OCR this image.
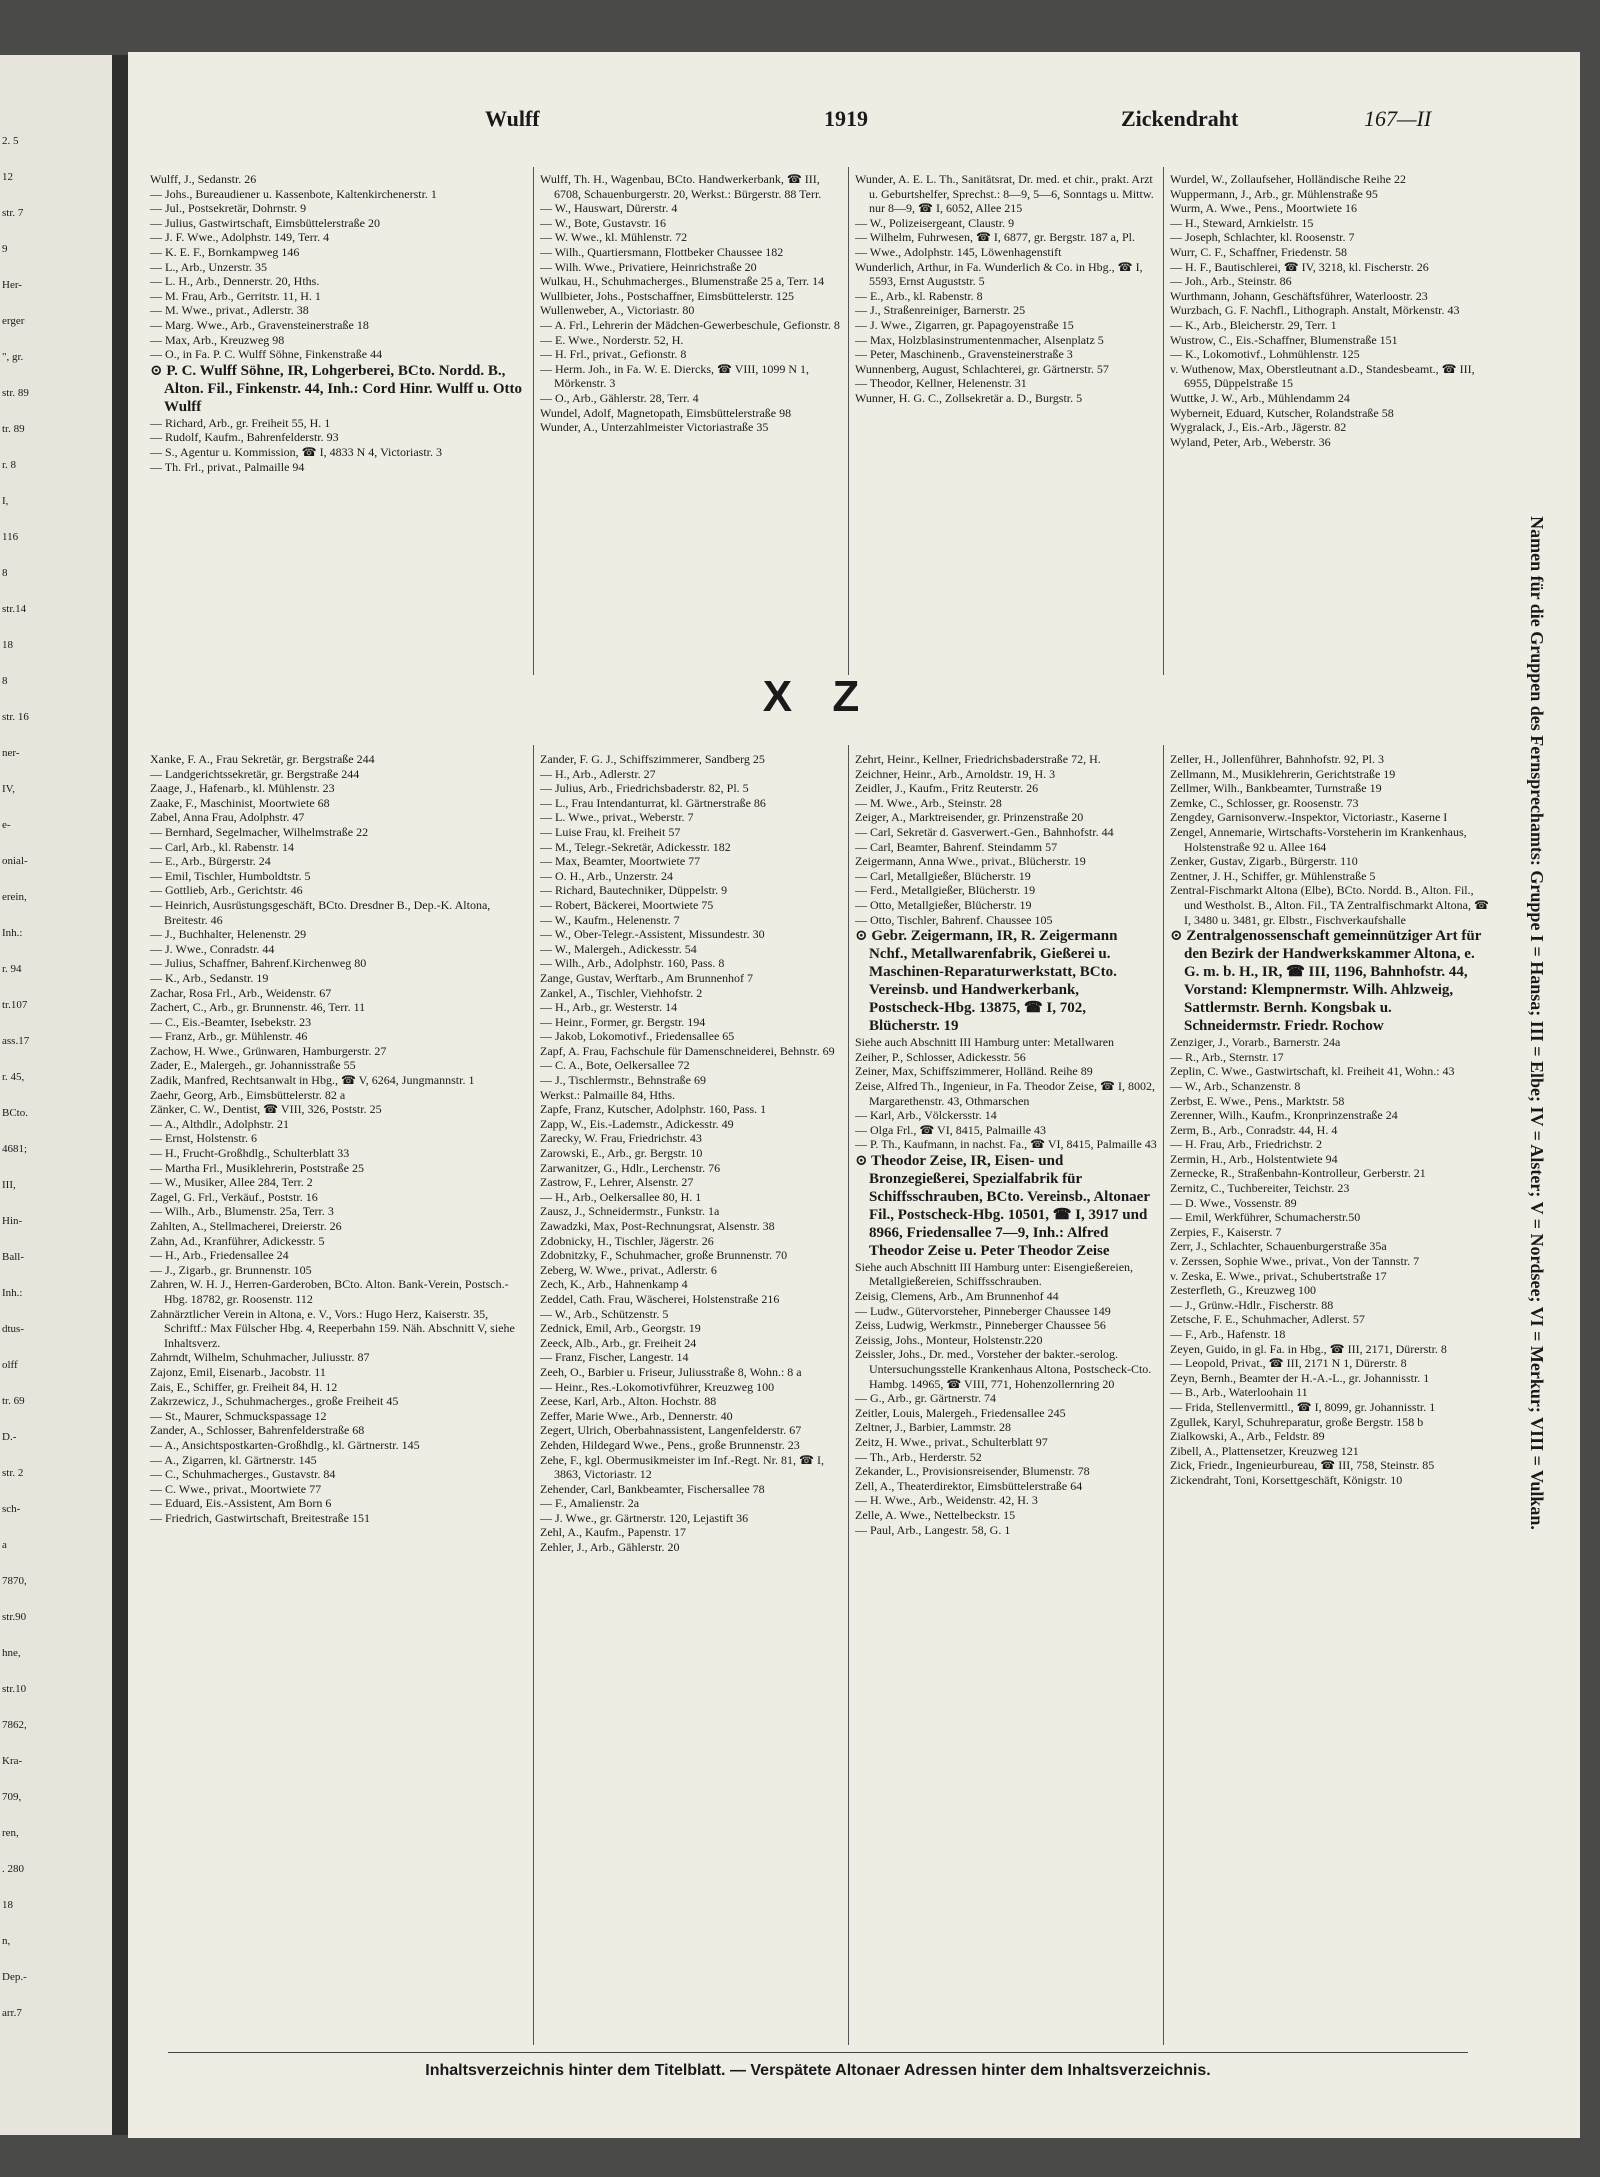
2. 5
12
str. 7
9
Her-
erger
", gr.
str. 89
tr. 89
r. 8
I,
116
8
str.14
18
8
str. 16
ner-
IV,
e-
onial-
erein,
Inh.:
r. 94
tr.107
ass.17
r. 45,
BCto.
4681;
III,
Hin-
Ball-
Inh.:
dtus-
olff
tr. 69
D.-
str. 2
sch-
a
7870,
str.90
hne,
str.10
7862,
Kra-
709,
ren,
. 280
18
n,
Dep.-
arr.7
Wulff	1919	Zickendraht	167—II

Wulff, J., Sedanstr. 26

— Johs., Bureaudiener u. Kassenbote, Kaltenkirchenerstr. 1

— Jul., Postsekretär, Dohrnstr. 9

— Julius, Gastwirtschaft, Eimsbüttelerstraße 20

— J. F. Wwe., Adolphstr. 149, Terr. 4

— K. E. F., Bornkampweg 146

— L., Arb., Unzerstr. 35

— L. H., Arb., Dennerstr. 20, Hths.

— M. Frau, Arb., Gerritstr. 11, H. 1

— M. Wwe., privat., Adlerstr. 38

— Marg. Wwe., Arb., Gravensteinerstraße 18

— Max, Arb., Kreuzweg 98

— O., in Fa. P. C. Wulff Söhne, Finkenstraße 44

⊙ P. C. Wulff Söhne, IR, Lohgerberei, BCto. Nordd. B., Alton. Fil., Finkenstr. 44, Inh.: Cord Hinr. Wulff u. Otto Wulff

— Richard, Arb., gr. Freiheit 55, H. 1

— Rudolf, Kaufm., Bahrenfelderstr. 93

— S., Agentur u. Kommission, ☎ I, 4833 N 4, Victoriastr. 3

— Th. Frl., privat., Palmaille 94

Wulff, Th. H., Wagenbau, BCto. Handwerkerbank, ☎ III, 6708, Schauenburgerstr. 20, Werkst.: Bürgerstr. 88 Terr.

— W., Hauswart, Dürerstr. 4

— W., Bote, Gustavstr. 16

— W. Wwe., kl. Mühlenstr. 72

— Wilh., Quartiersmann, Flottbeker Chaussee 182

— Wilh. Wwe., Privatiere, Heinrichstraße 20

Wulkau, H., Schuhmacherges., Blumenstraße 25 a, Terr. 14

Wullbieter, Johs., Postschaffner, Eimsbüttelerstr. 125

Wullenweber, A., Victoriastr. 80

— A. Frl., Lehrerin der Mädchen-Gewerbeschule, Gefionstr. 8

— E. Wwe., Norderstr. 52, H.

— H. Frl., privat., Gefionstr. 8

— Herm. Joh., in Fa. W. E. Diercks, ☎ VIII, 1099 N 1, Mörkenstr. 3

— O., Arb., Gählerstr. 28, Terr. 4

Wundel, Adolf, Magnetopath, Eimsbüttelerstraße 98

Wunder, A., Unterzahlmeister Victoriastraße 35

Wunder, A. E. L. Th., Sanitätsrat, Dr. med. et chir., prakt. Arzt u. Geburtshelfer, Sprechst.: 8—9, 5—6, Sonntags u. Mittw. nur 8—9, ☎ I, 6052, Allee 215

— W., Polizeisergeant, Claustr. 9

— Wilhelm, Fuhrwesen, ☎ I, 6877, gr. Bergstr. 187 a, Pl.

— Wwe., Adolphstr. 145, Löwenhagenstift

Wunderlich, Arthur, in Fa. Wunderlich & Co. in Hbg., ☎ I, 5593, Ernst Auguststr. 5

— E., Arb., kl. Rabenstr. 8

— J., Straßenreiniger, Barnerstr. 25

— J. Wwe., Zigarren, gr. Papagoyenstraße 15

— Max, Holzblasinstrumentenmacher, Alsenplatz 5

— Peter, Maschinenb., Gravensteinerstraße 3

Wunnenberg, August, Schlachterei, gr. Gärtnerstr. 57

— Theodor, Kellner, Helenenstr. 31

Wunner, H. G. C., Zollsekretär a. D., Burgstr. 5

Wurdel, W., Zollaufseher, Holländische Reihe 22

Wuppermann, J., Arb., gr. Mühlenstraße 95

Wurm, A. Wwe., Pens., Moortwiete 16

— H., Steward, Arnkielstr. 15

— Joseph, Schlachter, kl. Roosenstr. 7

Wurr, C. F., Schaffner, Friedenstr. 58

— H. F., Bautischlerei, ☎ IV, 3218, kl. Fischerstr. 26

— Joh., Arb., Steinstr. 86

Wurthmann, Johann, Geschäftsführer, Waterloostr. 23

Wurzbach, G. F. Nachfl., Lithograph. Anstalt, Mörkenstr. 43

— K., Arb., Bleicherstr. 29, Terr. 1

Wustrow, C., Eis.-Schaffner, Blumenstraße 151

— K., Lokomotivf., Lohmühlenstr. 125

v. Wuthenow, Max, Oberstleutnant a.D., Standesbeamt., ☎ III, 6955, Düppelstraße 15

Wuttke, J. W., Arb., Mühlendamm 24

Wyberneit, Eduard, Kutscher, Rolandstraße 58

Wygralack, J., Eis.-Arb., Jägerstr. 82

Wyland, Peter, Arb., Weberstr. 36

X Z

Xanke, F. A., Frau Sekretär, gr. Bergstraße 244

— Landgerichtssekretär, gr. Bergstraße 244

Zaage, J., Hafenarb., kl. Mühlenstr. 23

Zaake, F., Maschinist, Moortwiete 68

Zabel, Anna Frau, Adolphstr. 47

— Bernhard, Segelmacher, Wilhelmstraße 22

— Carl, Arb., kl. Rabenstr. 14

— E., Arb., Bürgerstr. 24

— Emil, Tischler, Humboldtstr. 5

— Gottlieb, Arb., Gerichtstr. 46

— Heinrich, Ausrüstungsgeschäft, BCto. Dresdner B., Dep.-K. Altona, Breitestr. 46

— J., Buchhalter, Helenenstr. 29

— J. Wwe., Conradstr. 44

— Julius, Schaffner, Bahrenf.Kirchenweg 80

— K., Arb., Sedanstr. 19

Zachar, Rosa Frl., Arb., Weidenstr. 67

Zachert, C., Arb., gr. Brunnenstr. 46, Terr. 11

— C., Eis.-Beamter, Isebekstr. 23

— Franz, Arb., gr. Mühlenstr. 46

Zachow, H. Wwe., Grünwaren, Hamburgerstr. 27

Zader, E., Malergeh., gr. Johannisstraße 55

Zadik, Manfred, Rechtsanwalt in Hbg., ☎ V, 6264, Jungmannstr. 1

Zaehr, Georg, Arb., Eimsbüttelerstr. 82 a

Zänker, C. W., Dentist, ☎ VIII, 326, Poststr. 25

— A., Althdlr., Adolphstr. 21

— Ernst, Holstenstr. 6

— H., Frucht-Großhdlg., Schulterblatt 33

— Martha Frl., Musiklehrerin, Poststraße 25

— W., Musiker, Allee 284, Terr. 2

Zagel, G. Frl., Verkäuf., Poststr. 16

— Wilh., Arb., Blumenstr. 25a, Terr. 3

Zahlten, A., Stellmacherei, Dreierstr. 26

Zahn, Ad., Kranführer, Adickesstr. 5

— H., Arb., Friedensallee 24

— J., Zigarb., gr. Brunnenstr. 105

Zahren, W. H. J., Herren-Garderoben, BCto. Alton. Bank-Verein, Postsch.-Hbg. 18782, gr. Roosenstr. 112

Zahnärztlicher Verein in Altona, e. V., Vors.: Hugo Herz, Kaiserstr. 35, Schriftf.: Max Fülscher Hbg. 4, Reeperbahn 159. Näh. Abschnitt V, siehe Inhaltsverz.

Zahrndt, Wilhelm, Schuhmacher, Juliusstr. 87

Zajonz, Emil, Eisenarb., Jacobstr. 11

Zais, E., Schiffer, gr. Freiheit 84, H. 12

Zakrzewicz, J., Schuhmacherges., große Freiheit 45

— St., Maurer, Schmuckspassage 12

Zander, A., Schlosser, Bahrenfelderstraße 68

— A., Ansichtspostkarten-Großhdlg., kl. Gärtnerstr. 145

— A., Zigarren, kl. Gärtnerstr. 145

— C., Schuhmacherges., Gustavstr. 84

— C. Wwe., privat., Moortwiete 77

— Eduard, Eis.-Assistent, Am Born 6

— Friedrich, Gastwirtschaft, Breitestraße 151

Zander, F. G. J., Schiffszimmerer, Sandberg 25

— H., Arb., Adlerstr. 27

— Julius, Arb., Friedrichsbaderstr. 82, Pl. 5

— L., Frau Intendanturrat, kl. Gärtnerstraße 86

— L. Wwe., privat., Weberstr. 7

— Luise Frau, kl. Freiheit 57

— M., Telegr.-Sekretär, Adickesstr. 182

— Max, Beamter, Moortwiete 77

— O. H., Arb., Unzerstr. 24

— Richard, Bautechniker, Düppelstr. 9

— Robert, Bäckerei, Moortwiete 75

— W., Kaufm., Helenenstr. 7

— W., Ober-Telegr.-Assistent, Missundestr. 30

— W., Malergeh., Adickesstr. 54

— Wilh., Arb., Adolphstr. 160, Pass. 8

Zange, Gustav, Werftarb., Am Brunnenhof 7

Zankel, A., Tischler, Viehhofstr. 2

— H., Arb., gr. Westerstr. 14

— Heinr., Former, gr. Bergstr. 194

— Jakob, Lokomotivf., Friedensallee 65

Zapf, A. Frau, Fachschule für Damenschneiderei, Behnstr. 69

— C. A., Bote, Oelkersallee 72

— J., Tischlermstr., Behnstraße 69

Werkst.: Palmaille 84, Hths.

Zapfe, Franz, Kutscher, Adolphstr. 160, Pass. 1

Zapp, W., Eis.-Lademstr., Adickesstr. 49

Zarecky, W. Frau, Friedrichstr. 43

Zarowski, E., Arb., gr. Bergstr. 10

Zarwanitzer, G., Hdlr., Lerchenstr. 76

Zastrow, F., Lehrer, Alsenstr. 27

— H., Arb., Oelkersallee 80, H. 1

Zausz, J., Schneidermstr., Funkstr. 1a

Zawadzki, Max, Post-Rechnungsrat, Alsenstr. 38

Zdobnicky, H., Tischler, Jägerstr. 26

Zdobnitzky, F., Schuhmacher, große Brunnenstr. 70

Zeberg, W. Wwe., privat., Adlerstr. 6

Zech, K., Arb., Hahnenkamp 4

Zeddel, Cath. Frau, Wäscherei, Holstenstraße 216

— W., Arb., Schützenstr. 5

Zednick, Emil, Arb., Georgstr. 19

Zeeck, Alb., Arb., gr. Freiheit 24

— Franz, Fischer, Langestr. 14

Zeeh, O., Barbier u. Friseur, Juliusstraße 8, Wohn.: 8 a

— Heinr., Res.-Lokomotivführer, Kreuzweg 100

Zeese, Karl, Arb., Alton. Hochstr. 88

Zeffer, Marie Wwe., Arb., Dennerstr. 40

Zegert, Ulrich, Oberbahnassistent, Langenfelderstr. 67

Zehden, Hildegard Wwe., Pens., große Brunnenstr. 23

Zehe, F., kgl. Obermusikmeister im Inf.-Regt. Nr. 81, ☎ I, 3863, Victoriastr. 12

Zehender, Carl, Bankbeamter, Fischersallee 78

— F., Amalienstr. 2a

— J. Wwe., gr. Gärtnerstr. 120, Lejastift 36

Zehl, A., Kaufm., Papenstr. 17

Zehler, J., Arb., Gählerstr. 20

Zehrt, Heinr., Kellner, Friedrichsbaderstraße 72, H.

Zeichner, Heinr., Arb., Arnoldstr. 19, H. 3

Zeidler, J., Kaufm., Fritz Reuterstr. 26

— M. Wwe., Arb., Steinstr. 28

Zeiger, A., Marktreisender, gr. Prinzenstraße 20

— Carl, Sekretär d. Gasverwert.-Gen., Bahnhofstr. 44

— Carl, Beamter, Bahrenf. Steindamm 57

Zeigermann, Anna Wwe., privat., Blücherstr. 19

— Carl, Metallgießer, Blücherstr. 19

— Ferd., Metallgießer, Blücherstr. 19

— Otto, Metallgießer, Blücherstr. 19

— Otto, Tischler, Bahrenf. Chaussee 105

⊙ Gebr. Zeigermann, IR, R. Zeigermann Nchf., Metallwarenfabrik, Gießerei u. Maschinen-Reparaturwerkstatt, BCto. Vereinsb. und Handwerkerbank, Postscheck-Hbg. 13875, ☎ I, 702, Blücherstr. 19

Siehe auch Abschnitt III Hamburg unter: Metallwaren

Zeiher, P., Schlosser, Adickesstr. 56

Zeiner, Max, Schiffszimmerer, Holländ. Reihe 89

Zeise, Alfred Th., Ingenieur, in Fa. Theodor Zeise, ☎ I, 8002, Margarethenstr. 43, Othmarschen

— Karl, Arb., Völckersstr. 14

— Olga Frl., ☎ VI, 8415, Palmaille 43

— P. Th., Kaufmann, in nachst. Fa., ☎ VI, 8415, Palmaille 43

⊙ Theodor Zeise, IR, Eisen- und Bronzegießerei, Spezialfabrik für Schiffsschrauben, BCto. Vereinsb., Altonaer Fil., Postscheck-Hbg. 10501, ☎ I, 3917 und 8966, Friedensallee 7—9, Inh.: Alfred Theodor Zeise u. Peter Theodor Zeise

Siehe auch Abschnitt III Hamburg unter: Eisengießereien, Metallgießereien, Schiffsschrauben.

Zeisig, Clemens, Arb., Am Brunnenhof 44

— Ludw., Gütervorsteher, Pinneberger Chaussee 149

Zeiss, Ludwig, Werkmstr., Pinneberger Chaussee 56

Zeissig, Johs., Monteur, Holstenstr.220

Zeissler, Johs., Dr. med., Vorsteher der bakter.-serolog. Untersuchungsstelle Krankenhaus Altona, Postscheck-Cto. Hambg. 14965, ☎ VIII, 771, Hohenzollernring 20

— G., Arb., gr. Gärtnerstr. 74

Zeitler, Louis, Malergeh., Friedensallee 245

Zeltner, J., Barbier, Lammstr. 28

Zeitz, H. Wwe., privat., Schulterblatt 97

— Th., Arb., Herderstr. 52

Zekander, L., Provisionsreisender, Blumenstr. 78

Zell, A., Theaterdirektor, Eimsbüttelerstraße 64

— H. Wwe., Arb., Weidenstr. 42, H. 3

Zelle, A. Wwe., Nettelbeckstr. 15

— Paul, Arb., Langestr. 58, G. 1

Zeller, H., Jollenführer, Bahnhofstr. 92, Pl. 3

Zellmann, M., Musiklehrerin, Gerichtstraße 19

Zellmer, Wilh., Bankbeamter, Turnstraße 19

Zemke, C., Schlosser, gr. Roosenstr. 73

Zengdey, Garnisonverw.-Inspektor, Victoriastr., Kaserne I

Zengel, Annemarie, Wirtschafts-Vorsteherin im Krankenhaus, Holstenstraße 92 u. Allee 164

Zenker, Gustav, Zigarb., Bürgerstr. 110

Zentner, J. H., Schiffer, gr. Mühlenstraße 5

Zentral-Fischmarkt Altona (Elbe), BCto. Nordd. B., Alton. Fil., und Westholst. B., Alton. Fil., TA Zentralfischmarkt Altona, ☎ I, 3480 u. 3481, gr. Elbstr., Fischverkaufshalle

⊙ Zentralgenossenschaft gemeinnütziger Art für den Bezirk der Handwerkskammer Altona, e. G. m. b. H., IR, ☎ III, 1196, Bahnhofstr. 44, Vorstand: Klempnermstr. Wilh. Ahlzweig, Sattlermstr. Bernh. Kongsbak u. Schneidermstr. Friedr. Rochow

Zenziger, J., Vorarb., Barnerstr. 24a

— R., Arb., Sternstr. 17

Zeplin, C. Wwe., Gastwirtschaft, kl. Freiheit 41, Wohn.: 43

— W., Arb., Schanzenstr. 8

Zerbst, E. Wwe., Pens., Marktstr. 58

Zerenner, Wilh., Kaufm., Kronprinzenstraße 24

Zerm, B., Arb., Conradstr. 44, H. 4

— H. Frau, Arb., Friedrichstr. 2

Zermin, H., Arb., Holstentwiete 94

Zernecke, R., Straßenbahn-Kontrolleur, Gerberstr. 21

Zernitz, C., Tuchbereiter, Teichstr. 23

— D. Wwe., Vossenstr. 89

— Emil, Werkführer, Schumacherstr.50

Zerpies, F., Kaiserstr. 7

Zerr, J., Schlachter, Schauenburgerstraße 35a

v. Zerssen, Sophie Wwe., privat., Von der Tannstr. 7

v. Zeska, E. Wwe., privat., Schubertstraße 17

Zesterfleth, G., Kreuzweg 100

— J., Grünw.-Hdlr., Fischerstr. 88

Zetsche, F. E., Schuhmacher, Adlerst. 57

— F., Arb., Hafenstr. 18

Zeyen, Guido, in gl. Fa. in Hbg., ☎ III, 2171, Dürerstr. 8

— Leopold, Privat., ☎ III, 2171 N 1, Dürerstr. 8

Zeyn, Bernh., Beamter der H.-A.-L., gr. Johannisstr. 1

— B., Arb., Waterloohain 11

— Frida, Stellenvermittl., ☎ I, 8099, gr. Johannisstr. 1

Zgullek, Karyl, Schuhreparatur, große Bergstr. 158 b

Zialkowski, A., Arb., Feldstr. 89

Zibell, A., Plattensetzer, Kreuzweg 121

Zick, Friedr., Ingenieurbureau, ☎ III, 758, Steinstr. 85

Zickendraht, Toni, Korsettgeschäft, Königstr. 10

Inhaltsverzeichnis hinter dem Titelblatt. — Verspätete Altonaer Adressen hinter dem Inhaltsverzeichnis.
Namen für die Gruppen des Fernsprechamts: Gruppe I = Hansa; III = Elbe; IV = Alster; V = Nordsee; VI = Merkur; VIII = Vulkan.
